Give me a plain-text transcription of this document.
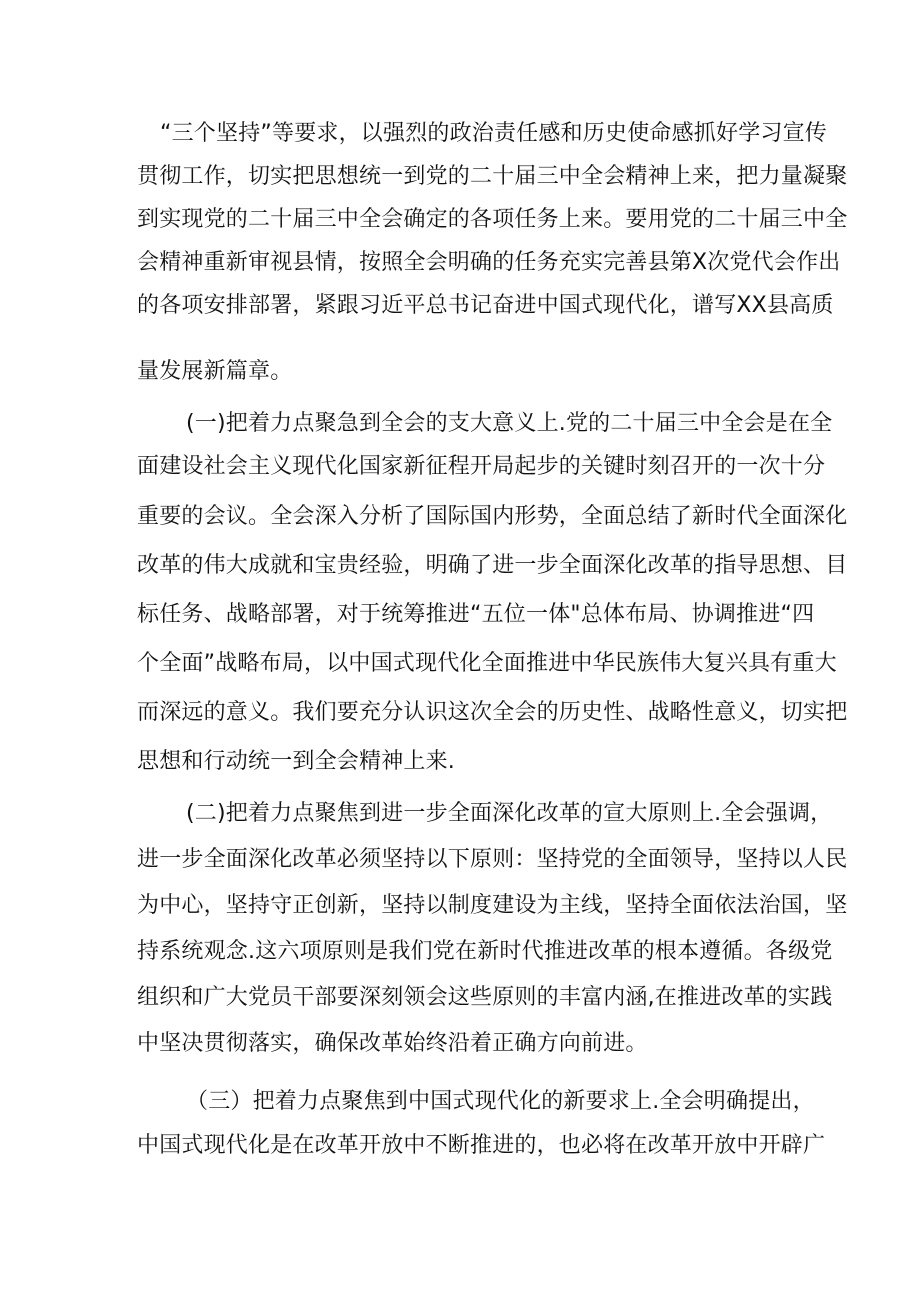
“三个坚持”等要求，以强烈的政治责任感和历史使命感抓好学习宣传
贯彻工作，切实把思想统一到党的二十届三中全会精神上来，把力量凝聚
到实现党的二十届三中全会确定的各项任务上来。要用党的二十届三中全
会精神重新审视县情，按照全会明确的任务充实完善县第X次党代会作出
的各项安排部署，紧跟习近平总书记奋进中国式现代化，谱写XX县高质
量发展新篇章。
(一)把着力点聚急到全会的支大意义上.党的二十届三中全会是在全
面建设社会主义现代化国家新征程开局起步的关键时刻召开的一次十分
重要的会议。全会深入分析了国际国内形势，全面总结了新时代全面深化
改革的伟大成就和宝贵经验，明确了进一步全面深化改革的指导思想、目
标任务、战略部署，对于统筹推进“五位一体"总体布局、协调推进“四
个全面”战略布局，以中国式现代化全面推进中华民族伟大复兴具有重大
而深远的意义。我们要充分认识这次全会的历史性、战略性意义，切实把
思想和行动统一到全会精神上来.
(二)把着力点聚焦到进一步全面深化改革的宣大原则上.全会强调，
进一步全面深化改革必须坚持以下原则：坚持党的全面领导，坚持以人民
为中心，坚持守正创新，坚持以制度建设为主线，坚持全面依法治国，坚
持系统观念.这六项原则是我们党在新时代推进改革的根本遵循。各级党
组织和广大党员干部要深刻领会这些原则的丰富内涵,在推进改革的实践
中坚决贯彻落实，确保改革始终沿着正确方向前进。
（三）把着力点聚焦到中国式现代化的新要求上.全会明确提出，
中国式现代化是在改革开放中不断推进的，也必将在改革开放中开辟广
